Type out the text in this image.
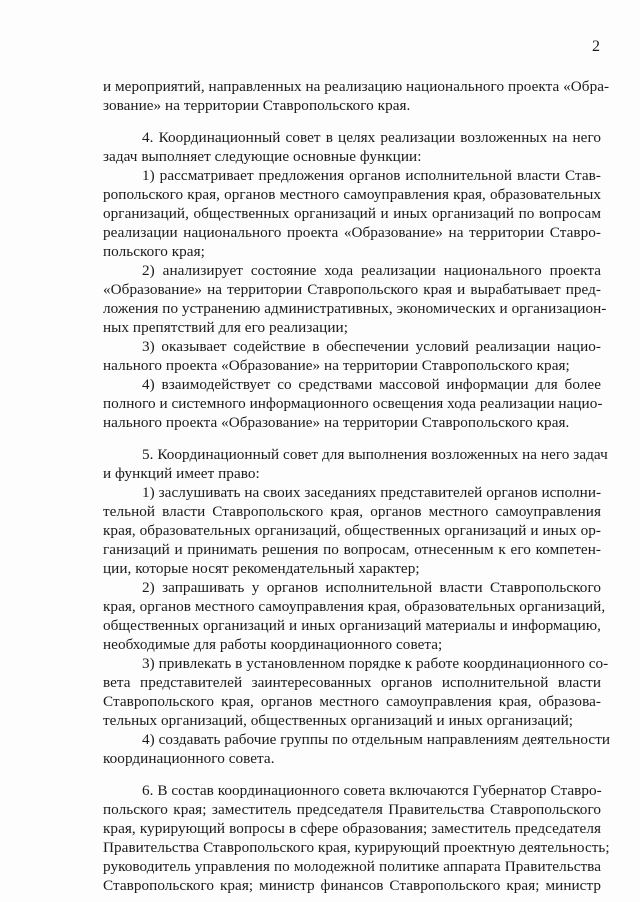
2
и мероприятий, направленных на реализацию национального проекта «Обра-
зование» на территории Ставропольского края.
4. Координационный совет в целях реализации возложенных на него
задач выполняет следующие основные функции:
1) рассматривает предложения органов исполнительной власти Став-
ропольского края, органов местного самоуправления края, образовательных
организаций, общественных организаций и иных организаций по вопросам
реализации национального проекта «Образование» на территории Ставро-
польского края;
2) анализирует состояние хода реализации национального проекта
«Образование» на территории Ставропольского края и вырабатывает пред-
ложения по устранению административных, экономических и организацион-
ных препятствий для его реализации;
3) оказывает содействие в обеспечении условий реализации нацио-
нального проекта «Образование» на территории Ставропольского края;
4) взаимодействует со средствами массовой информации для более
полного и системного информационного освещения хода реализации нацио-
нального проекта «Образование» на территории Ставропольского края.
5. Координационный совет для выполнения возложенных на него задач
и функций имеет право:
1) заслушивать на своих заседаниях представителей органов исполни-
тельной власти Ставропольского края, органов местного самоуправления
края, образовательных организаций, общественных организаций и иных ор-
ганизаций и принимать решения по вопросам, отнесенным к его компетен-
ции, которые носят рекомендательный характер;
2) запрашивать у органов исполнительной власти Ставропольского
края, органов местного самоуправления края, образовательных организаций,
общественных организаций и иных организаций материалы и информацию,
необходимые для работы координационного совета;
3) привлекать в установленном порядке к работе координационного со-
вета представителей заинтересованных органов исполнительной власти
Ставропольского края, органов местного самоуправления края, образова-
тельных организаций, общественных организаций и иных организаций;
4) создавать рабочие группы по отдельным направлениям деятельности
координационного совета.
6. В состав координационного совета включаются Губернатор Ставро-
польского края; заместитель председателя Правительства Ставропольского
края, курирующий вопросы в сфере образования; заместитель председателя
Правительства Ставропольского края, курирующий проектную деятельность;
руководитель управления по молодежной политике аппарата Правительства
Ставропольского края; министр финансов Ставропольского края; министр
